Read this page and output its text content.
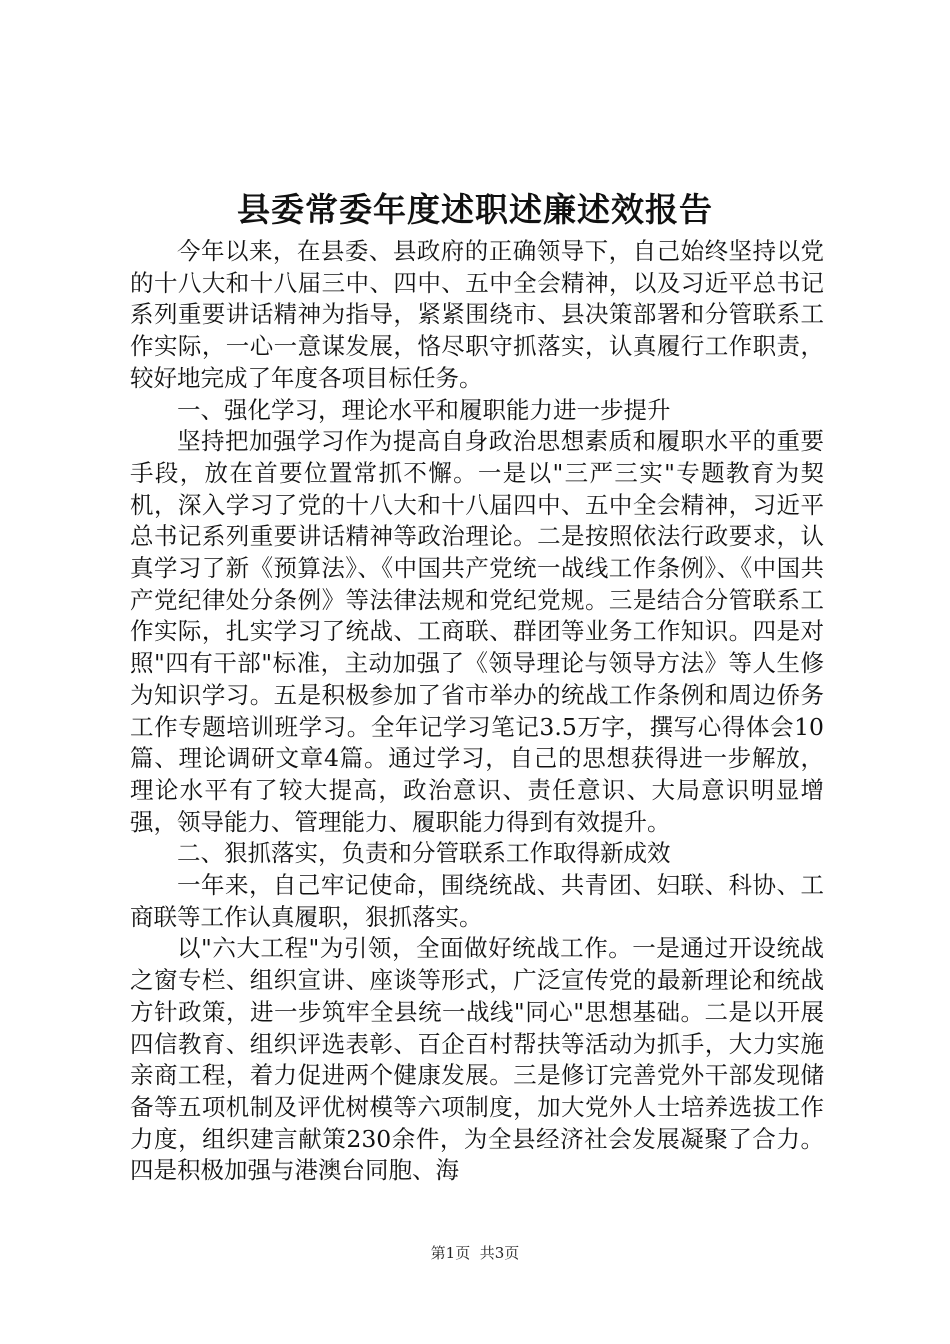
县委常委年度述职述廉述效报告

今年以来，在县委、县政府的正确领导下，自己始终坚持以党的十八大和十八届三中、四中、五中全会精神，以及习近平总书记系列重要讲话精神为指导，紧紧围绕市、县决策部署和分管联系工作实际，一心一意谋发展，恪尽职守抓落实，认真履行工作职责，较好地完成了年度各项目标任务。

一、强化学习，理论水平和履职能力进一步提升

坚持把加强学习作为提高自身政治思想素质和履职水平的重要手段，放在首要位置常抓不懈。一是以"三严三实"专题教育为契机，深入学习了党的十八大和十八届四中、五中全会精神，习近平总书记系列重要讲话精神等政治理论。二是按照依法行政要求，认真学习了新《预算法》、《中国共产党统一战线工作条例》、《中国共产党纪律处分条例》等法律法规和党纪党规。三是结合分管联系工作实际，扎实学习了统战、工商联、群团等业务工作知识。四是对照"四有干部"标准，主动加强了《领导理论与领导方法》等人生修为知识学习。五是积极参加了省市举办的统战工作条例和周边侨务工作专题培训班学习。全年记学习笔记3.5万字，撰写心得体会10篇、理论调研文章4篇。通过学习，自己的思想获得进一步解放，理论水平有了较大提高，政治意识、责任意识、大局意识明显增强，领导能力、管理能力、履职能力得到有效提升。

二、狠抓落实，负责和分管联系工作取得新成效

一年来，自己牢记使命，围绕统战、共青团、妇联、科协、工商联等工作认真履职，狠抓落实。

以"六大工程"为引领，全面做好统战工作。一是通过开设统战之窗专栏、组织宣讲、座谈等形式，广泛宣传党的最新理论和统战方针政策，进一步筑牢全县统一战线"同心"思想基础。二是以开展四信教育、组织评选表彰、百企百村帮扶等活动为抓手，大力实施亲商工程，着力促进两个健康发展。三是修订完善党外干部发现储备等五项机制及评优树模等六项制度，加大党外人士培养选拔工作力度，组织建言献策230余件，为全县经济社会发展凝聚了合力。四是积极加强与港澳台同胞、海

第1页 共3页
